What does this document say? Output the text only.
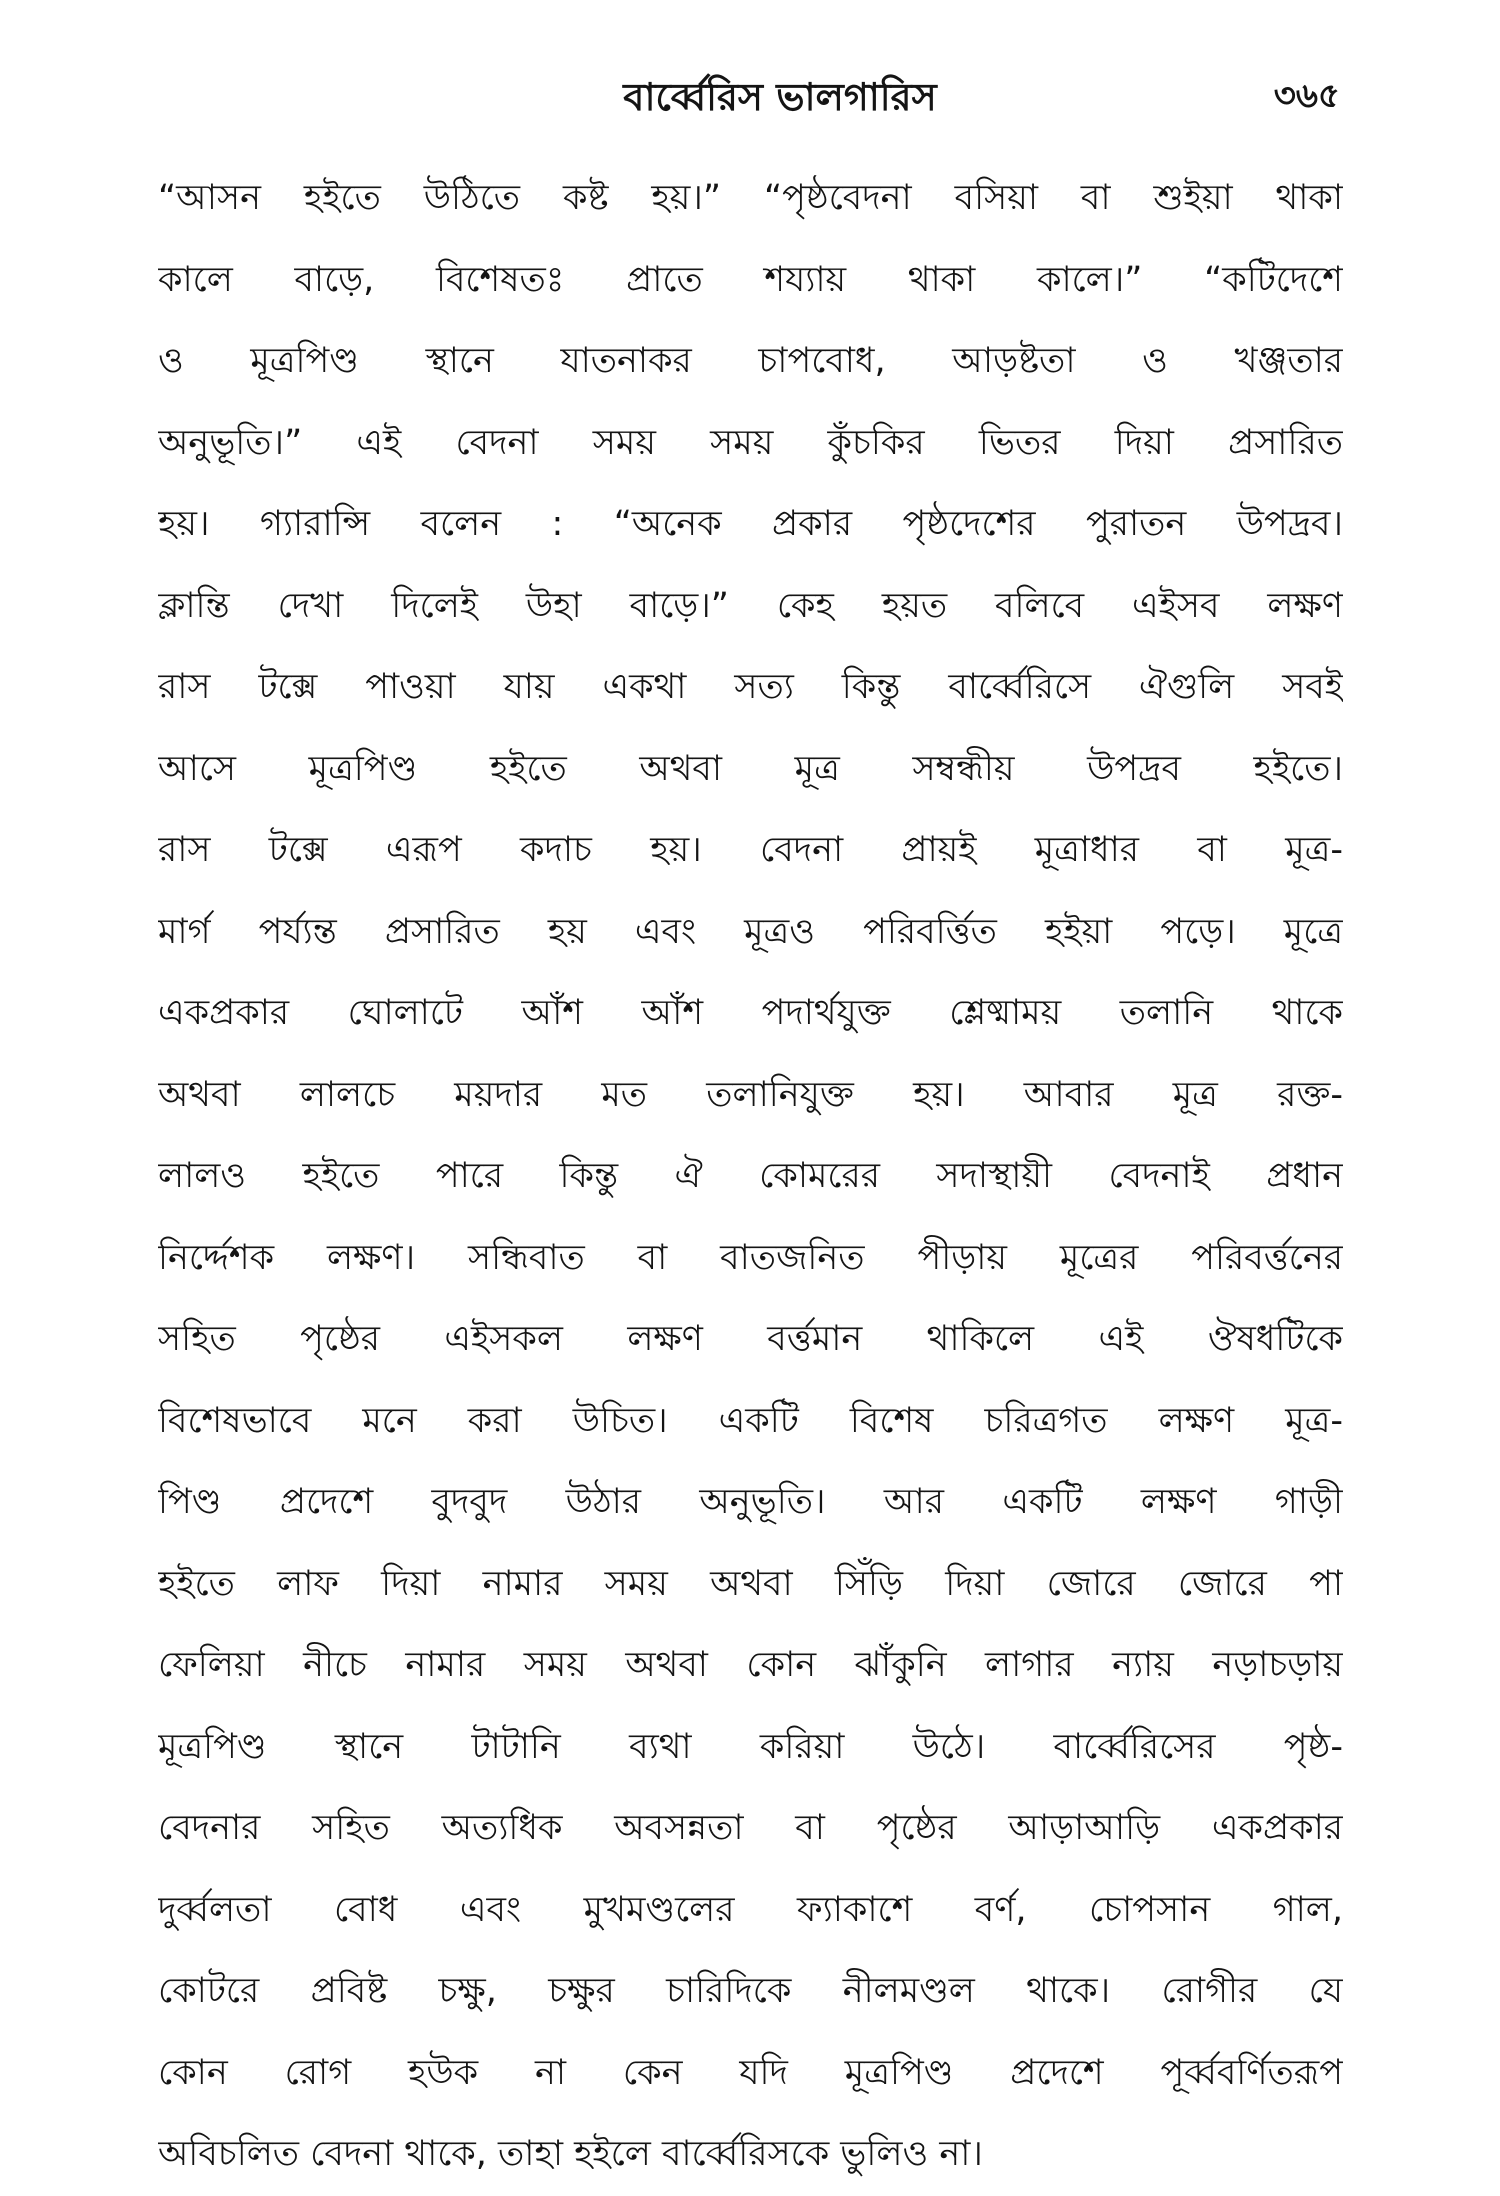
বার্ব্বেরিস ভালগারিস	৩৬৫
“আসন হইতে উঠিতে কষ্ট হয়।” “পৃষ্ঠবেদনা বসিয়া বা শুইয়া থাকা
কালে বাড়ে, বিশেষতঃ প্রাতে শয্যায় থাকা কালে।” “কটিদেশে
ও মূত্রপিণ্ড স্থানে যাতনাকর চাপবোধ, আড়ষ্টতা ও খঞ্জতার
অনুভূতি।” এই বেদনা সময় সময় কুঁচকির ভিতর দিয়া প্রসারিত
হয়। গ্যারান্সি বলেন : “অনেক প্রকার পৃষ্ঠদেশের পুরাতন উপদ্রব।
ক্লান্তি দেখা দিলেই উহা বাড়ে।” কেহ হয়ত বলিবে এইসব লক্ষণ
রাস টক্সে পাওয়া যায় একথা সত্য কিন্তু বার্ব্বেরিসে ঐগুলি সবই
আসে মূত্রপিণ্ড হইতে অথবা মূত্র সম্বন্ধীয় উপদ্রব হইতে।
রাস টক্সে এরূপ কদাচ হয়। বেদনা প্রায়ই মূত্রাধার বা মূত্র-
মার্গ পর্য্যন্ত প্রসারিত হয় এবং মূত্রও পরিবর্ত্তিত হইয়া পড়ে। মূত্রে
একপ্রকার ঘোলাটে আঁশ আঁশ পদার্থযুক্ত শ্লেষ্মাময় তলানি থাকে
অথবা লালচে ময়দার মত তলানিযুক্ত হয়। আবার মূত্র রক্ত-
লালও হইতে পারে কিন্তু ঐ কোমরের সদাস্থায়ী বেদনাই প্রধান
নির্দ্দেশক লক্ষণ। সন্ধিবাত বা বাতজনিত পীড়ায় মূত্রের পরিবর্ত্তনের
সহিত পৃষ্ঠের এইসকল লক্ষণ বর্ত্তমান থাকিলে এই ঔষধটিকে
বিশেষভাবে মনে করা উচিত। একটি বিশেষ চরিত্রগত লক্ষণ মূত্র-
পিণ্ড প্রদেশে বুদবুদ উঠার অনুভূতি। আর একটি লক্ষণ গাড়ী
হইতে লাফ দিয়া নামার সময় অথবা সিঁড়ি দিয়া জোরে জোরে পা
ফেলিয়া নীচে নামার সময় অথবা কোন ঝাঁকুনি লাগার ন্যায় নড়াচড়ায়
মূত্রপিণ্ড স্থানে টাটানি ব্যথা করিয়া উঠে। বার্ব্বেরিসের পৃষ্ঠ-
বেদনার সহিত অত্যধিক অবসন্নতা বা পৃষ্ঠের আড়াআড়ি একপ্রকার
দুর্ব্বলতা বোধ এবং মুখমণ্ডলের ফ্যাকাশে বর্ণ, চোপসান গাল,
কোটরে প্রবিষ্ট চক্ষু, চক্ষুর চারিদিকে নীলমণ্ডল থাকে। রোগীর যে
কোন রোগ হউক না কেন যদি মূত্রপিণ্ড প্রদেশে পূর্ব্ববর্ণিতরূপ
অবিচলিত বেদনা থাকে, তাহা হইলে বার্ব্বেরিসকে ভুলিও না।
